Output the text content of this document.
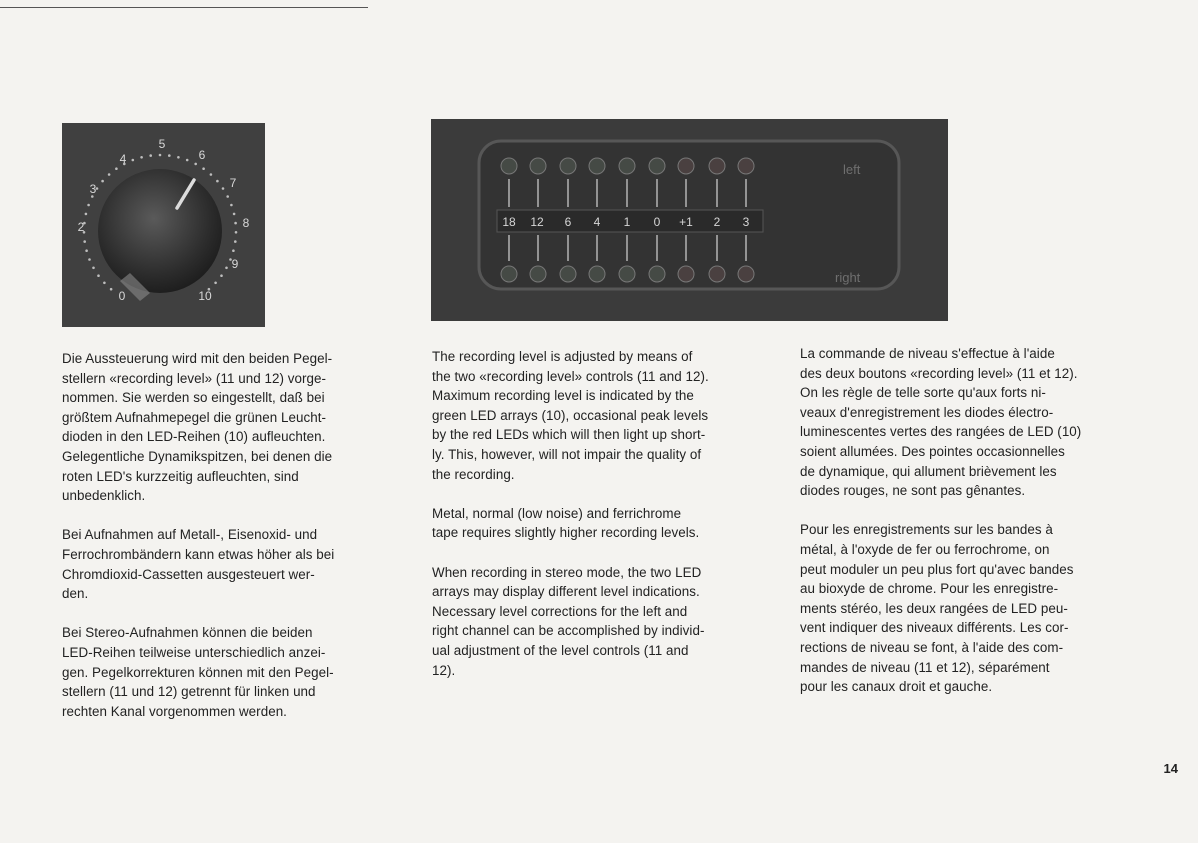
0
2
3
4
5
6
7
8
9
10
18 12 6 4 1 0 +1 2 3
left
right

Die Aussteuerung wird mit den beiden Pegel-
stellern «recording level» (11 und 12) vorge-
nommen. Sie werden so eingestellt, daß bei
größtem Aufnahmepegel die grünen Leucht-
dioden in den LED-Reihen (10) aufleuchten.
Gelegentliche Dynamikspitzen, bei denen die
roten LED's kurzzeitig aufleuchten, sind
unbedenklich.

Bei Aufnahmen auf Metall-, Eisenoxid- und
Ferrochrombändern kann etwas höher als bei
Chromdioxid-Cassetten ausgesteuert wer-
den.

Bei Stereo-Aufnahmen können die beiden
LED-Reihen teilweise unterschiedlich anzei-
gen. Pegelkorrekturen können mit den Pegel-
stellern (11 und 12) getrennt für linken und
rechten Kanal vorgenommen werden.

The recording level is adjusted by means of
the two «recording level» controls (11 and 12).
Maximum recording level is indicated by the
green LED arrays (10), occasional peak levels
by the red LEDs which will then light up short-
ly. This, however, will not impair the quality of
the recording.

Metal, normal (low noise) and ferrichrome
tape requires slightly higher recording levels.

When recording in stereo mode, the two LED
arrays may display different level indications.
Necessary level corrections for the left and
right channel can be accomplished by individ-
ual adjustment of the level controls (11 and
12).

La commande de niveau s'effectue à l'aide
des deux boutons «recording level» (11 et 12).
On les règle de telle sorte qu'aux forts ni-
veaux d'enregistrement les diodes électro-
luminescentes vertes des rangées de LED (10)
soient allumées. Des pointes occasionnelles
de dynamique, qui allument brièvement les
diodes rouges, ne sont pas gênantes.

Pour les enregistrements sur les bandes à
métal, à l'oxyde de fer ou ferrochrome, on
peut moduler un peu plus fort qu'avec bandes
au bioxyde de chrome. Pour les enregistre-
ments stéréo, les deux rangées de LED peu-
vent indiquer des niveaux différents. Les cor-
rections de niveau se font, à l'aide des com-
mandes de niveau (11 et 12), séparément
pour les canaux droit et gauche.

14
